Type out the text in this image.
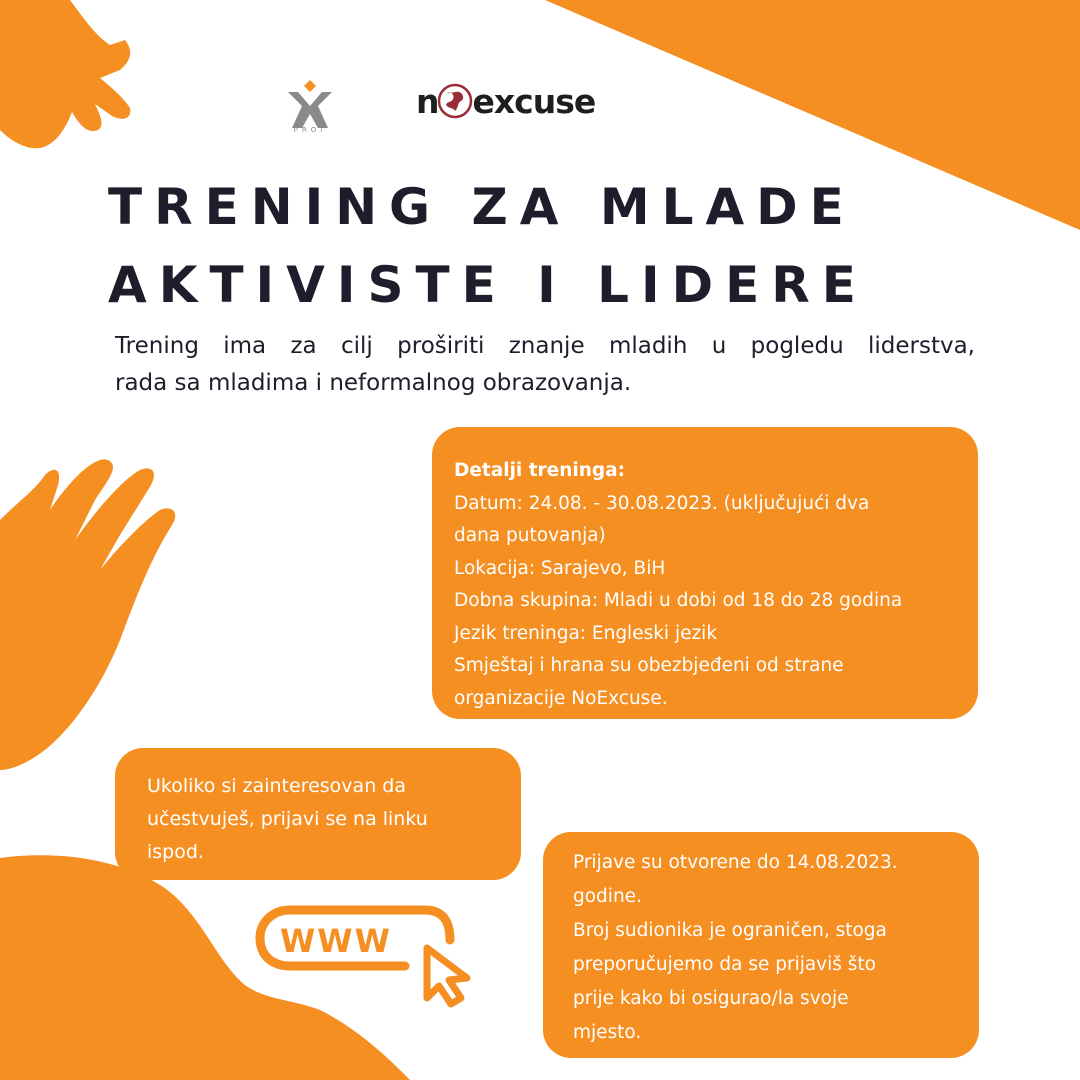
PROI
n excuse
TRENING ZA MLADE
AKTIVISTE I LIDERE

Trening ima za cilj proširiti znanje mladih u pogledu liderstva,
rada sa mladima i neformalnog obrazovanja.

Detalji treninga:
Datum: 24.08. - 30.08.2023. (uključujući dva
dana putovanja)
Lokacija: Sarajevo, BiH
Dobna skupina: Mladi u dobi od 18 do 28 godina
Jezik treninga: Engleski jezik
Smještaj i hrana su obezbjeđeni od strane
organizacije NoExcuse.
Ukoliko si zainteresovan da
učestvuješ, prijavi se na linku
ispod.	Prijave su otvorene do 14.08.2023.
godine.
Broj sudionika je ograničen, stoga
preporučujemo da se prijaviš što
prije kako bi osigurao/la svoje
mjesto.
WWW
